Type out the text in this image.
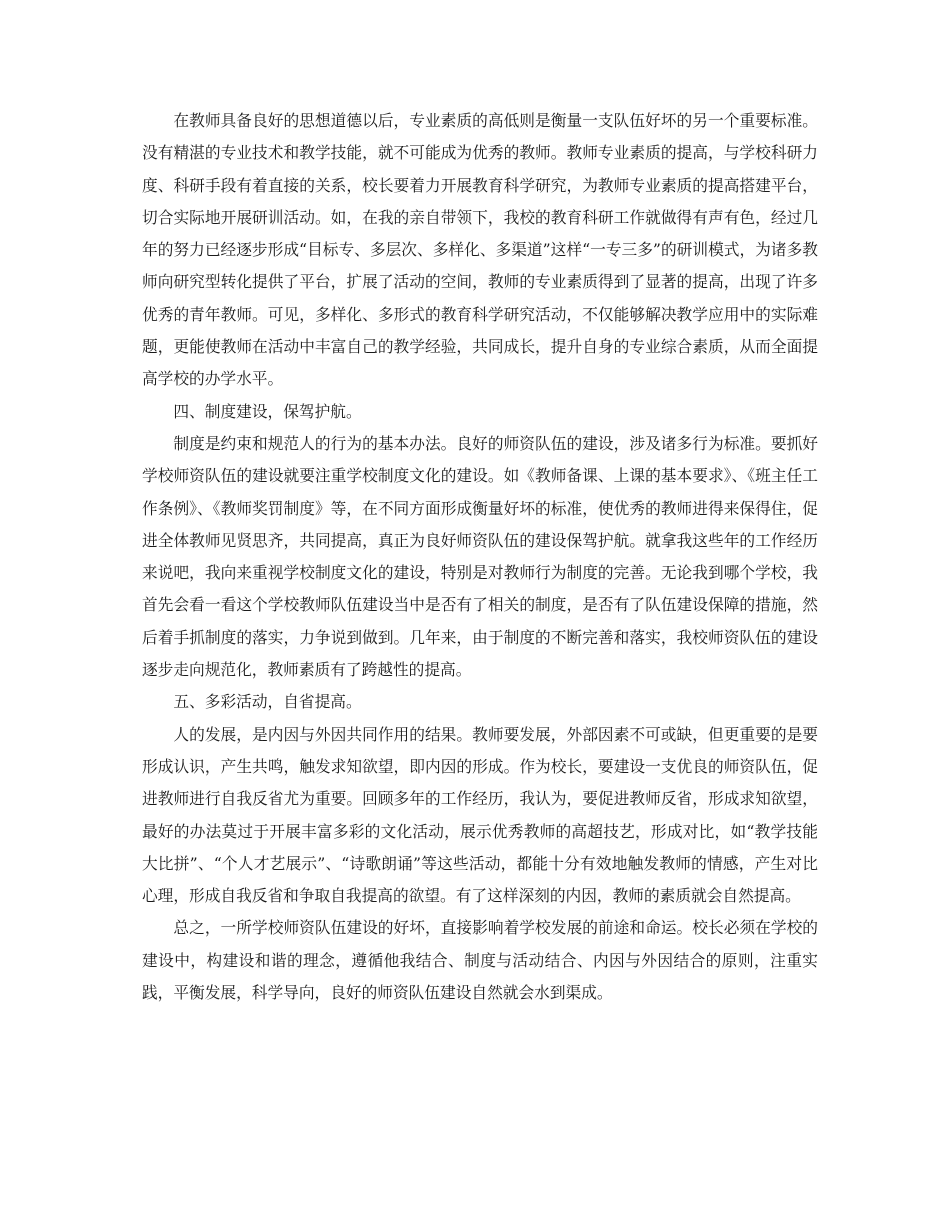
在教师具备良好的思想道德以后，专业素质的高低则是衡量一支队伍好坏的另一个重要标准。没有精湛的专业技术和教学技能，就不可能成为优秀的教师。教师专业素质的提高，与学校科研力度、科研手段有着直接的关系，校长要着力开展教育科学研究，为教师专业素质的提高搭建平台，切合实际地开展研训活动。如，在我的亲自带领下，我校的教育科研工作就做得有声有色，经过几年的努力已经逐步形成“目标专、多层次、多样化、多渠道”这样“一专三多”的研训模式，为诸多教师向研究型转化提供了平台，扩展了活动的空间，教师的专业素质得到了显著的提高，出现了许多优秀的青年教师。可见，多样化、多形式的教育科学研究活动，不仅能够解决教学应用中的实际难题，更能使教师在活动中丰富自己的教学经验，共同成长，提升自身的专业综合素质，从而全面提高学校的办学水平。

四、制度建设，保驾护航。

制度是约束和规范人的行为的基本办法。良好的师资队伍的建设，涉及诸多行为标准。要抓好学校师资队伍的建设就要注重学校制度文化的建设。如《教师备课、上课的基本要求》、《班主任工作条例》、《教师奖罚制度》等，在不同方面形成衡量好坏的标准，使优秀的教师进得来保得住，促进全体教师见贤思齐，共同提高，真正为良好师资队伍的建设保驾护航。就拿我这些年的工作经历来说吧，我向来重视学校制度文化的建设，特别是对教师行为制度的完善。无论我到哪个学校，我首先会看一看这个学校教师队伍建设当中是否有了相关的制度，是否有了队伍建设保障的措施，然后着手抓制度的落实，力争说到做到。几年来，由于制度的不断完善和落实，我校师资队伍的建设逐步走向规范化，教师素质有了跨越性的提高。

五、多彩活动，自省提高。

人的发展，是内因与外因共同作用的结果。教师要发展，外部因素不可或缺，但更重要的是要形成认识，产生共鸣，触发求知欲望，即内因的形成。作为校长，要建设一支优良的师资队伍，促进教师进行自我反省尤为重要。回顾多年的工作经历，我认为，要促进教师反省，形成求知欲望，最好的办法莫过于开展丰富多彩的文化活动，展示优秀教师的高超技艺，形成对比，如“教学技能大比拼”、“个人才艺展示”、“诗歌朗诵”等这些活动，都能十分有效地触发教师的情感，产生对比心理，形成自我反省和争取自我提高的欲望。有了这样深刻的内因，教师的素质就会自然提高。

总之，一所学校师资队伍建设的好坏，直接影响着学校发展的前途和命运。校长必须在学校的建设中，构建设和谐的理念，遵循他我结合、制度与活动结合、内因与外因结合的原则，注重实践，平衡发展，科学导向，良好的师资队伍建设自然就会水到渠成。
